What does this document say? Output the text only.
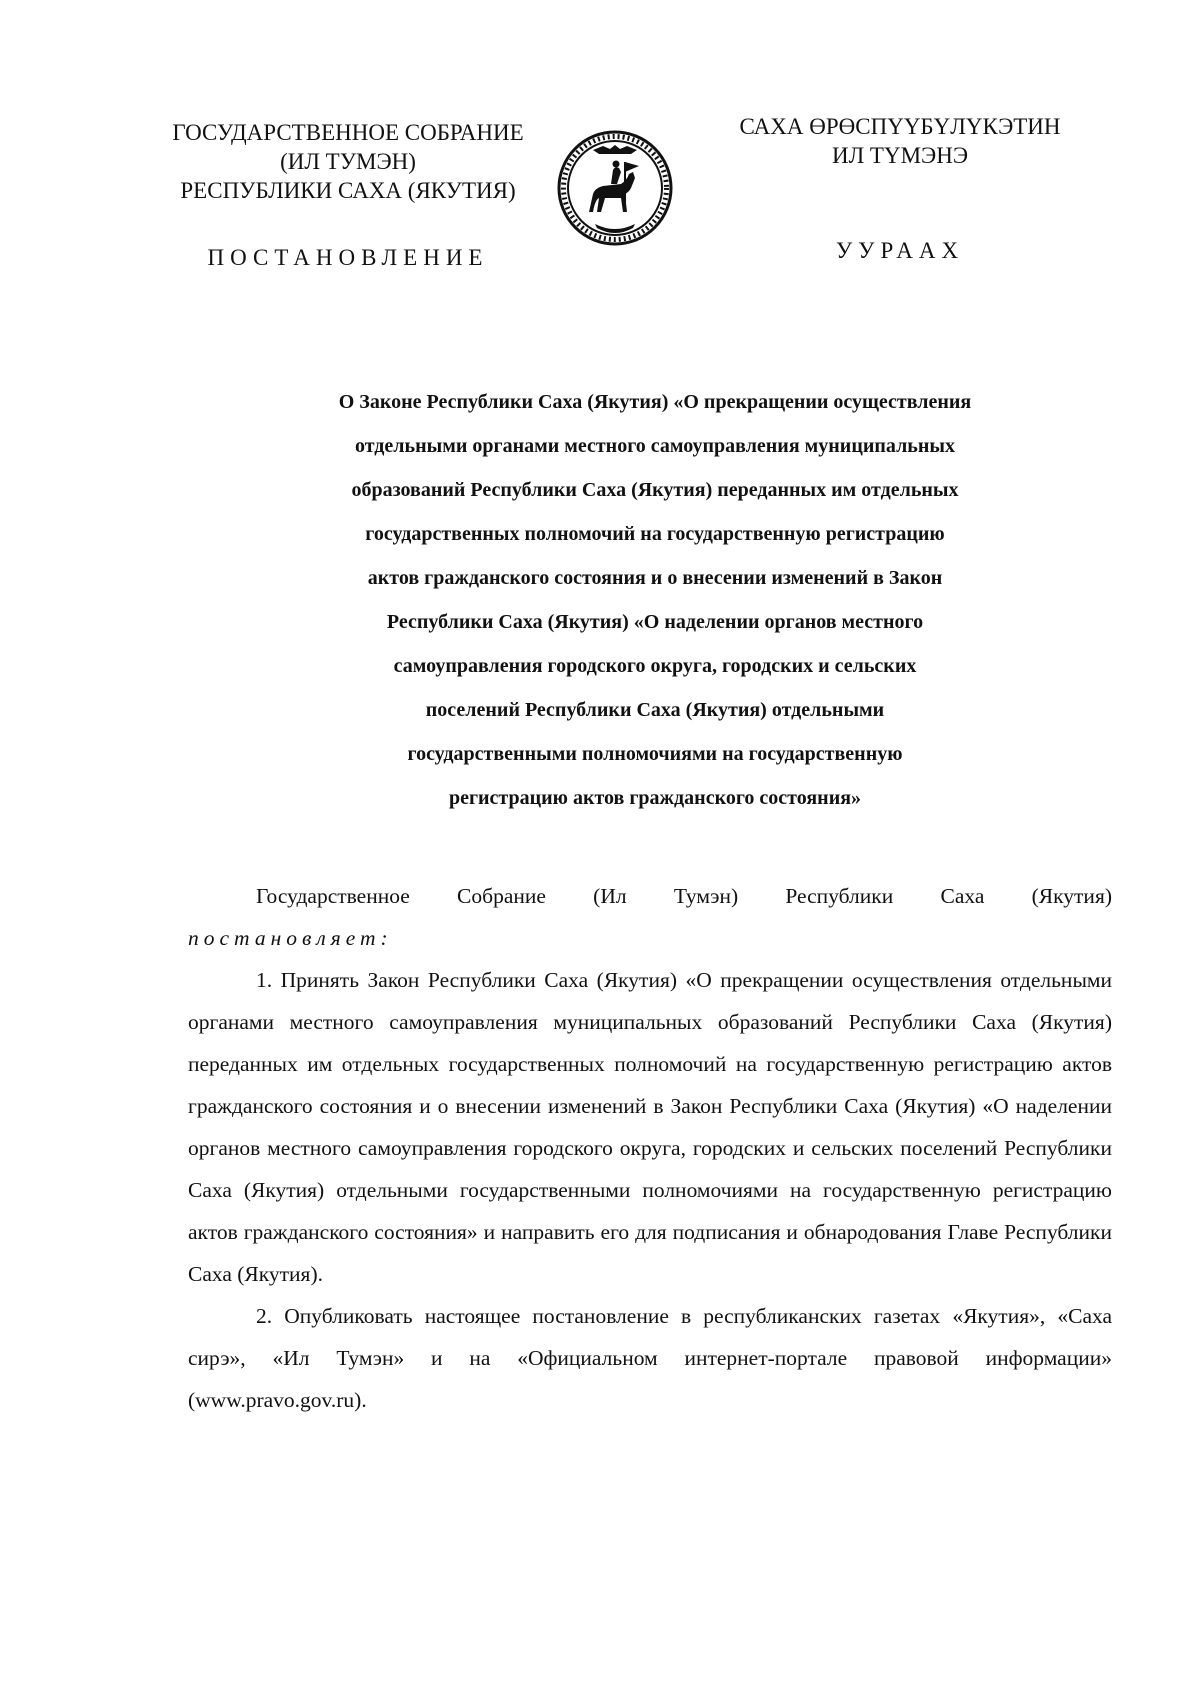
ГОСУДАРСТВЕННОЕ СОБРАНИЕ
(ИЛ ТУМЭН)
РЕСПУБЛИКИ САХА (ЯКУТИЯ)
САХА ӨРӨСПҮҮБҮЛҮКЭТИН
ИЛ ТҮМЭНЭ
ПОСТАНОВЛЕНИЕ	УУРААХ
О Законе Республики Саха (Якутия) «О прекращении осуществления
отдельными органами местного самоуправления муниципальных
образований Республики Саха (Якутия) переданных им отдельных
государственных полномочий на государственную регистрацию
актов гражданского состояния и о внесении изменений в Закон
Республики Саха (Якутия) «О наделении органов местного
самоуправления городского округа, городских и сельских
поселений Республики Саха (Якутия) отдельными
государственными полномочиями на государственную
регистрацию актов гражданского состояния»

Государственное Собрание (Ил Тумэн) Республики Саха (Якутия)

постановляет:

1. Принять Закон Республики Саха (Якутия) «О прекращении осуществления отдельными органами местного самоуправления муниципальных образований Республики Саха (Якутия) переданных им отдельных государственных полномочий на государственную регистрацию актов гражданского состояния и о внесении изменений в Закон Республики Саха (Якутия) «О наделении органов местного самоуправления городского округа, городских и сельских поселений Республики Саха (Якутия) отдельными государственными полномочиями на государственную регистрацию актов гражданского состояния» и направить его для подписания и обнародования Главе Республики Саха (Якутия).

2. Опубликовать настоящее постановление в республиканских газетах «Якутия», «Саха сирэ», «Ил Тумэн» и на «Официальном интернет-портале правовой информации» (www.pravo.gov.ru).
